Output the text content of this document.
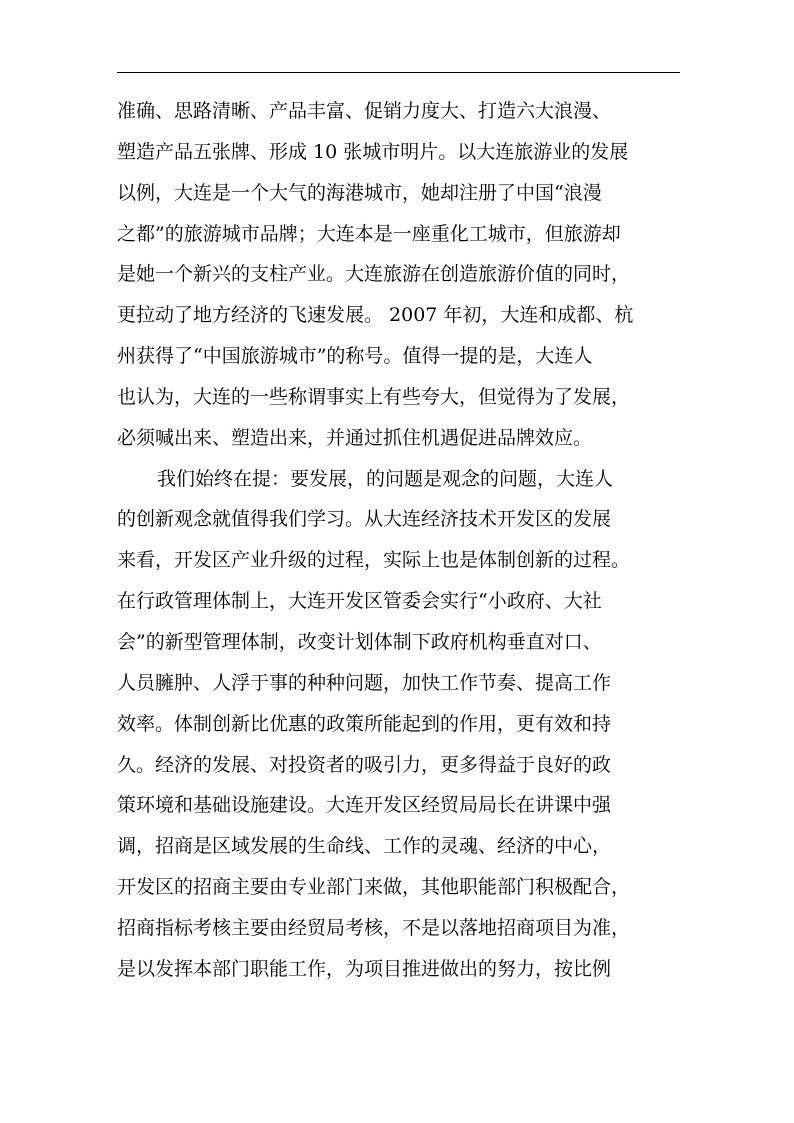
准确、思路清晰、产品丰富、促销力度大、打造六大浪漫、
塑造产品五张牌、形成 10 张城市明片。以大连旅游业的发展
以例，大连是一个大气的海港城市，她却注册了中国“浪漫
之都”的旅游城市品牌；大连本是一座重化工城市，但旅游却
是她一个新兴的支柱产业。大连旅游在创造旅游价值的同时，
更拉动了地方经济的飞速发展。 2007 年初，大连和成都、杭
州获得了“中国旅游城市”的称号。值得一提的是，大连人
也认为，大连的一些称谓事实上有些夸大，但觉得为了发展，
必须喊出来、塑造出来，并通过抓住机遇促进品牌效应。
我们始终在提：要发展，的问题是观念的问题，大连人
的创新观念就值得我们学习。从大连经济技术开发区的发展
来看，开发区产业升级的过程，实际上也是体制创新的过程。
在行政管理体制上，大连开发区管委会实行“小政府、大社
会”的新型管理体制，改变计划体制下政府机构垂直对口、
人员臃肿、人浮于事的种种问题，加快工作节奏、提高工作
效率。体制创新比优惠的政策所能起到的作用，更有效和持
久。经济的发展、对投资者的吸引力，更多得益于良好的政
策环境和基础设施建设。大连开发区经贸局局长在讲课中强
调，招商是区域发展的生命线、工作的灵魂、经济的中心，
开发区的招商主要由专业部门来做，其他职能部门积极配合，
招商指标考核主要由经贸局考核，不是以落地招商项目为准，
是以发挥本部门职能工作，为项目推进做出的努力，按比例
